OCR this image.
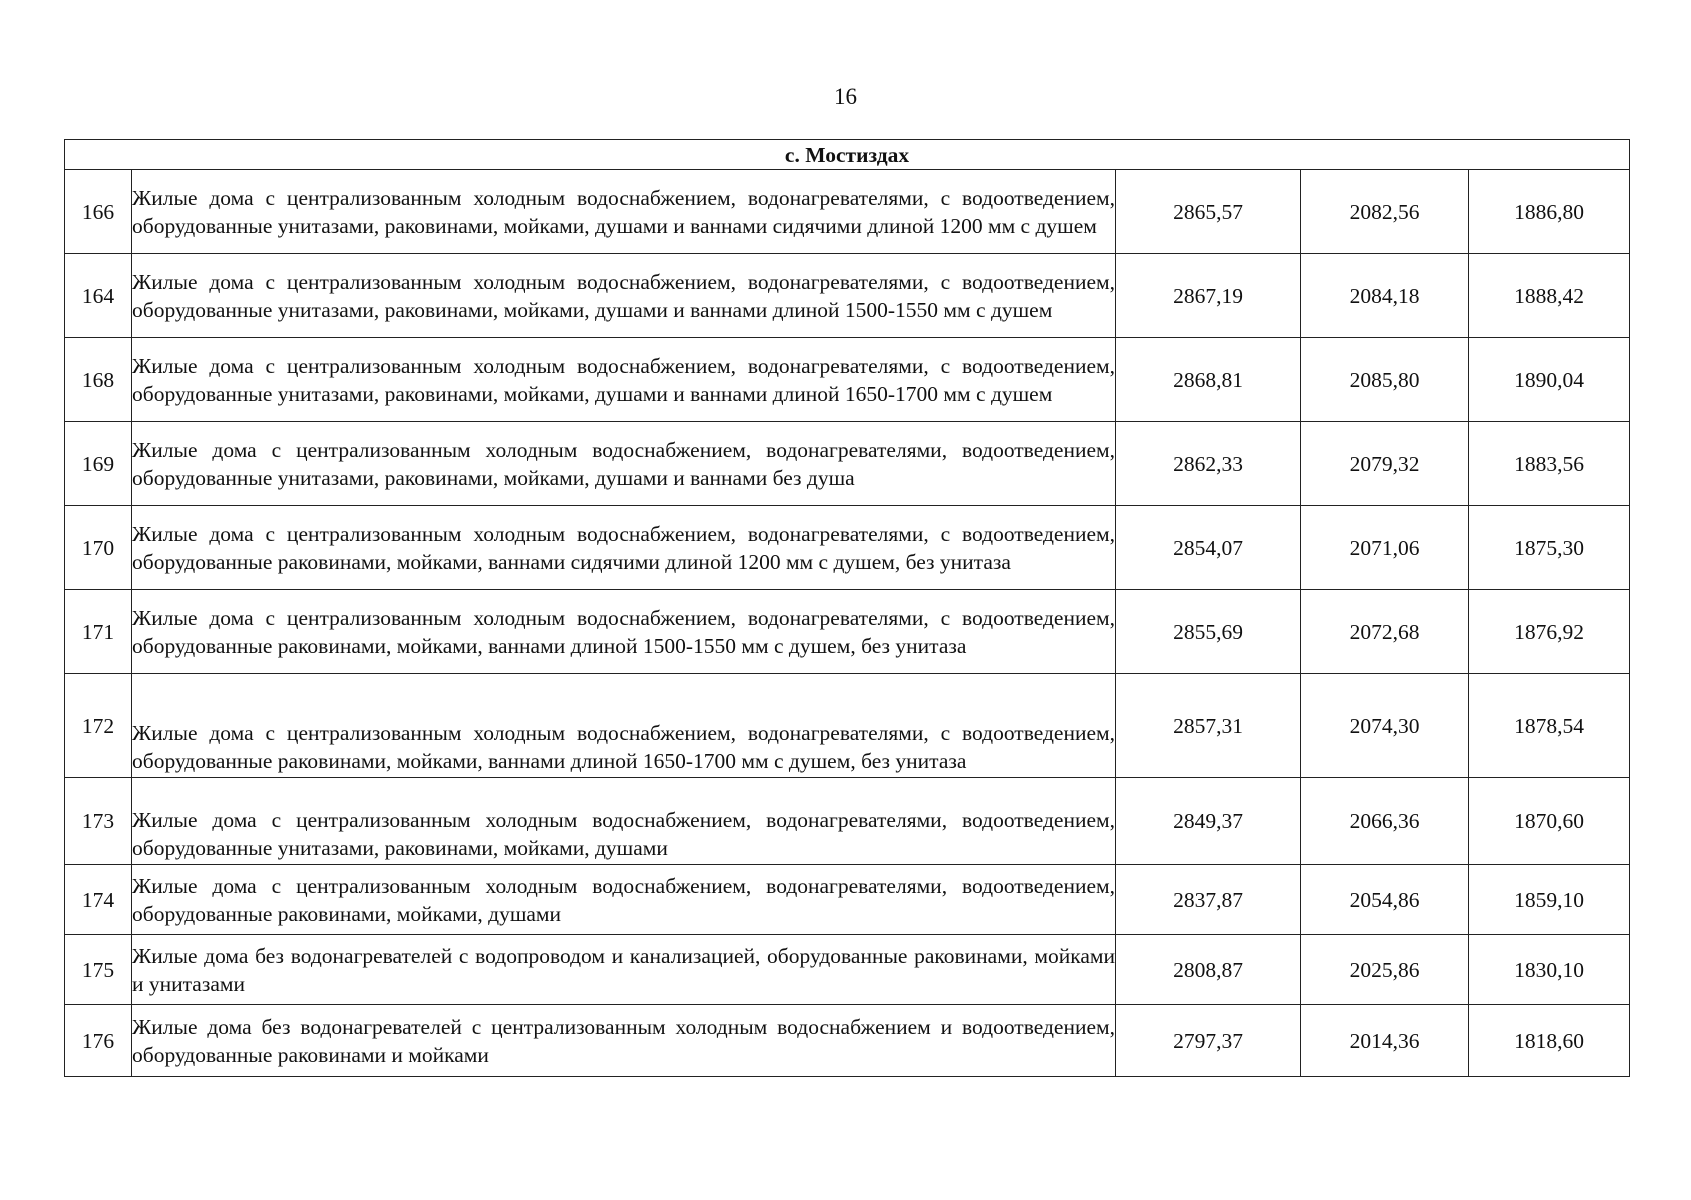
16
с. Мостиздах				
166	Жилые дома с централизованным холодным водоснабжением, водонагревателями, с водоотведением, оборудованные унитазами, раковинами, мойками, душами и ваннами сидячими длиной 1200 мм с душем	2865,57	2082,56	1886,80
164	Жилые дома с централизованным холодным водоснабжением, водонагревателями, с водоотведением, оборудованные унитазами, раковинами, мойками, душами и ваннами длиной 1500-1550 мм с душем	2867,19	2084,18	1888,42
168	Жилые дома с централизованным холодным водоснабжением, водонагревателями, с водоотведением, оборудованные унитазами, раковинами, мойками, душами и ваннами длиной 1650-1700 мм с душем	2868,81	2085,80	1890,04
169	Жилые дома с централизованным холодным водоснабжением, водонагревателями, водоотведением, оборудованные унитазами, раковинами, мойками, душами и ваннами без душа	2862,33	2079,32	1883,56
170	Жилые дома с централизованным холодным водоснабжением, водонагревателями, с водоотведением, оборудованные раковинами, мойками, ваннами сидячими длиной 1200 мм с душем, без унитаза	2854,07	2071,06	1875,30
171	Жилые дома с централизованным холодным водоснабжением, водонагревателями, с водоотведением, оборудованные раковинами, мойками, ваннами длиной 1500-1550 мм с душем, без унитаза	2855,69	2072,68	1876,92
172	Жилые дома с централизованным холодным водоснабжением, водонагревателями, с водоотведением, оборудованные раковинами, мойками, ваннами длиной 1650-1700 мм с душем, без унитаза	2857,31	2074,30	1878,54
173	Жилые дома с централизованным холодным водоснабжением, водонагревателями, водоотведением, оборудованные унитазами, раковинами, мойками, душами	2849,37	2066,36	1870,60
174	Жилые дома с централизованным холодным водоснабжением, водонагревателями, водоотведением, оборудованные раковинами, мойками, душами	2837,87	2054,86	1859,10
175	Жилые дома без водонагревателей с водопроводом и канализацией, оборудованные раковинами, мойками и унитазами	2808,87	2025,86	1830,10
176	Жилые дома без водонагревателей с централизованным холодным водоснабжением и водоотведением, оборудованные раковинами и мойками	2797,37	2014,36	1818,60
